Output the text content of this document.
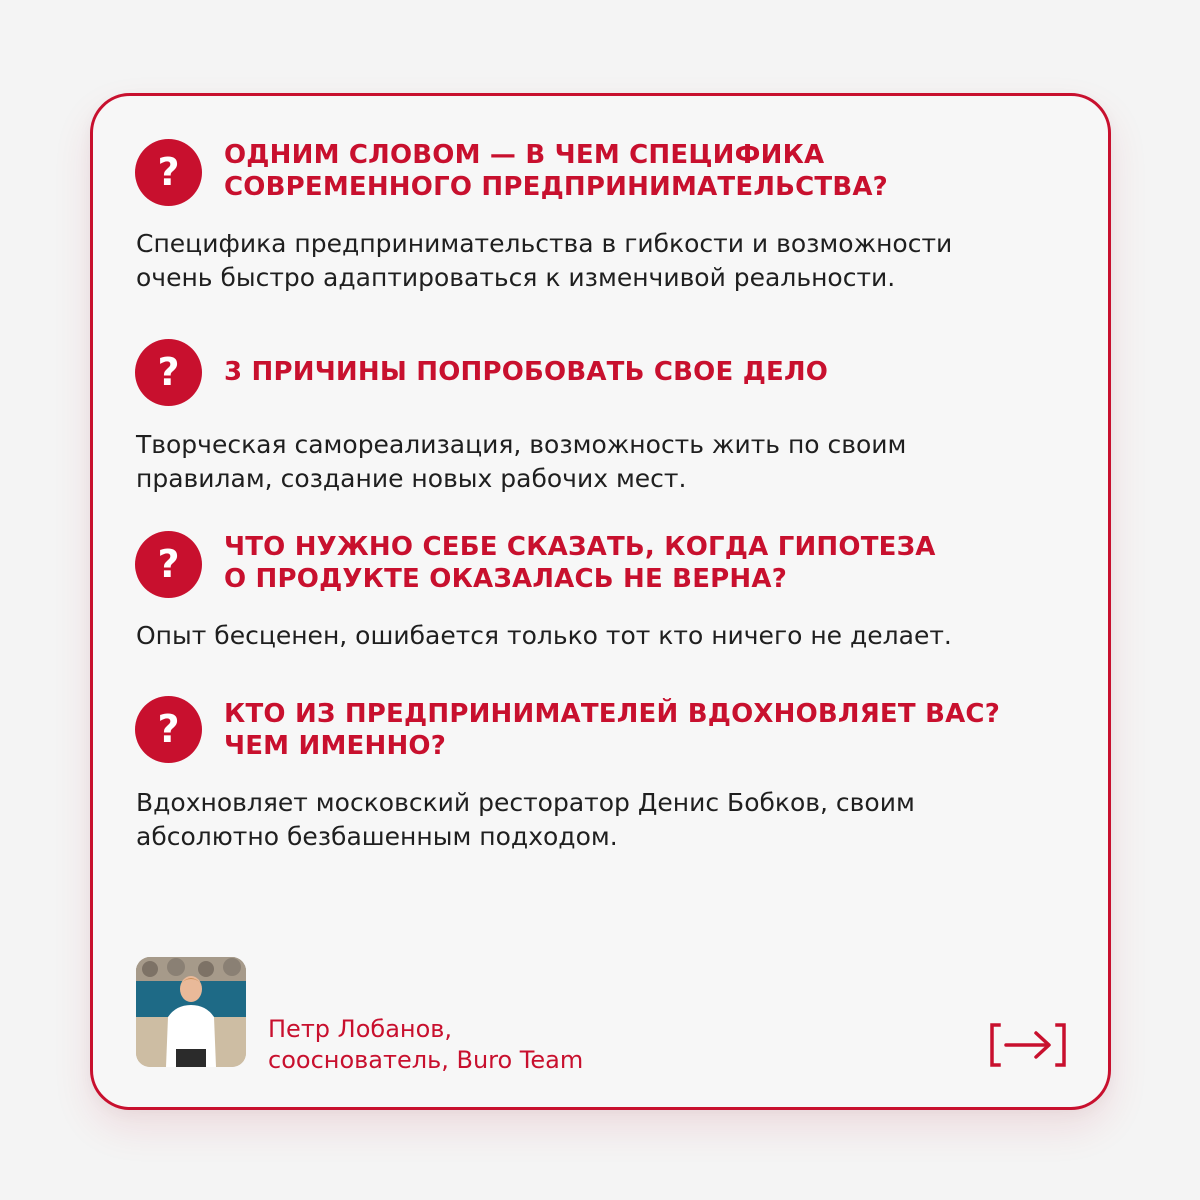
?	ОДНИМ СЛОВОМ — В ЧЕМ СПЕЦИФИКА
СОВРЕМЕННОГО ПРЕДПРИНИМАТЕЛЬСТВА?
Специфика предпринимательства в гибкости и возможности
очень быстро адаптироваться к изменчивой реальности.
?	3 ПРИЧИНЫ ПОПРОБОВАТЬ СВОЕ ДЕЛО
Творческая самореализация, возможность жить по своим
правилам, создание новых рабочих мест.
?	ЧТО НУЖНО СЕБЕ СКАЗАТЬ, КОГДА ГИПОТЕЗА
О ПРОДУКТЕ ОКАЗАЛАСЬ НЕ ВЕРНА?
Опыт бесценен, ошибается только тот кто ничего не делает.
?	КТО ИЗ ПРЕДПРИНИМАТЕЛЕЙ ВДОХНОВЛЯЕТ ВАС?
ЧЕМ ИМЕННО?
Вдохновляет московский ресторатор Денис Бобков, своим
абсолютно безбашенным подходом.
Петр Лобанов,
сооснователь, Buro Team
